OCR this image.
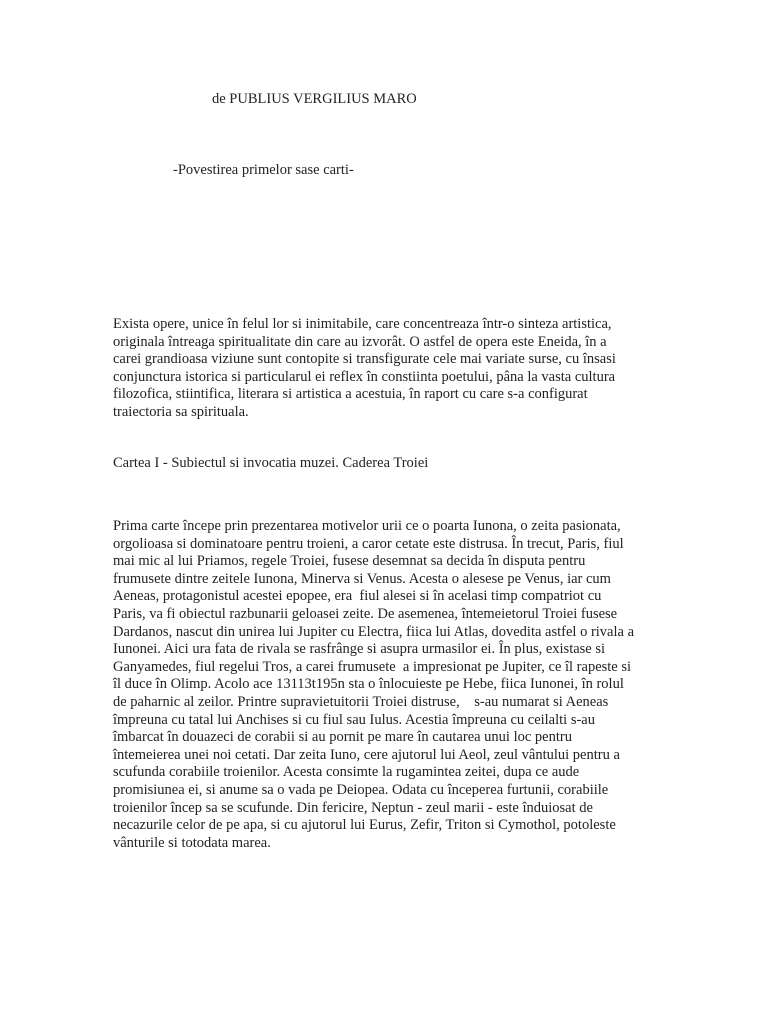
de PUBLIUS VERGILIUS MARO
-Povestirea primelor sase carti-

Exista opere, unice în felul lor si inimitabile, care concentreaza într-o sinteza artistica,
originala întreaga spiritualitate din care au izvorât. O astfel de opera este Eneida, în a
carei grandioasa viziune sunt contopite si transfigurate cele mai variate surse, cu însasi
conjunctura istorica si particularul ei reflex în constiinta poetului, pâna la vasta cultura
filozofica, stiintifica, literara si artistica a acestuia, în raport cu care s-a configurat
traiectoria sa spirituala.

Cartea I - Subiectul si invocatia muzei. Caderea Troiei

Prima carte începe prin prezentarea motivelor urii ce o poarta Iunona, o zeita pasionata,
orgolioasa si dominatoare pentru troieni, a caror cetate este distrusa. În trecut, Paris, fiul
mai mic al lui Priamos, regele Troiei, fusese desemnat sa decida în disputa pentru
frumusete dintre zeitele Iunona, Minerva si Venus. Acesta o alesese pe Venus, iar cum
Aeneas, protagonistul acestei epopee, era  fiul alesei si în acelasi timp compatriot cu
Paris, va fi obiectul razbunarii geloasei zeite. De asemenea, întemeietorul Troiei fusese
Dardanos, nascut din unirea lui Jupiter cu Electra, fiica lui Atlas, dovedita astfel o rivala a
Iunonei. Aici ura fata de rivala se rasfrânge si asupra urmasilor ei. În plus, existase si
Ganyamedes, fiul regelui Tros, a carei frumusete  a impresionat pe Jupiter, ce îl rapeste si
îl duce în Olimp. Acolo ace 13113t195n sta o înlocuieste pe Hebe, fiica Iunonei, în rolul
de paharnic al zeilor. Printre supravietuitorii Troiei distruse,    s-au numarat si Aeneas
împreuna cu tatal lui Anchises si cu fiul sau Iulus. Acestia împreuna cu ceilalti s-au
îmbarcat în douazeci de corabii si au pornit pe mare în cautarea unui loc pentru
întemeierea unei noi cetati. Dar zeita Iuno, cere ajutorul lui Aeol, zeul vântului pentru a
scufunda corabiile troienilor. Acesta consimte la rugamintea zeitei, dupa ce aude
promisiunea ei, si anume sa o vada pe Deiopea. Odata cu începerea furtunii, corabiile
troienilor încep sa se scufunde. Din fericire, Neptun - zeul marii - este înduiosat de
necazurile celor de pe apa, si cu ajutorul lui Eurus, Zefir, Triton si Cymothol, potoleste
vânturile si totodata marea.
